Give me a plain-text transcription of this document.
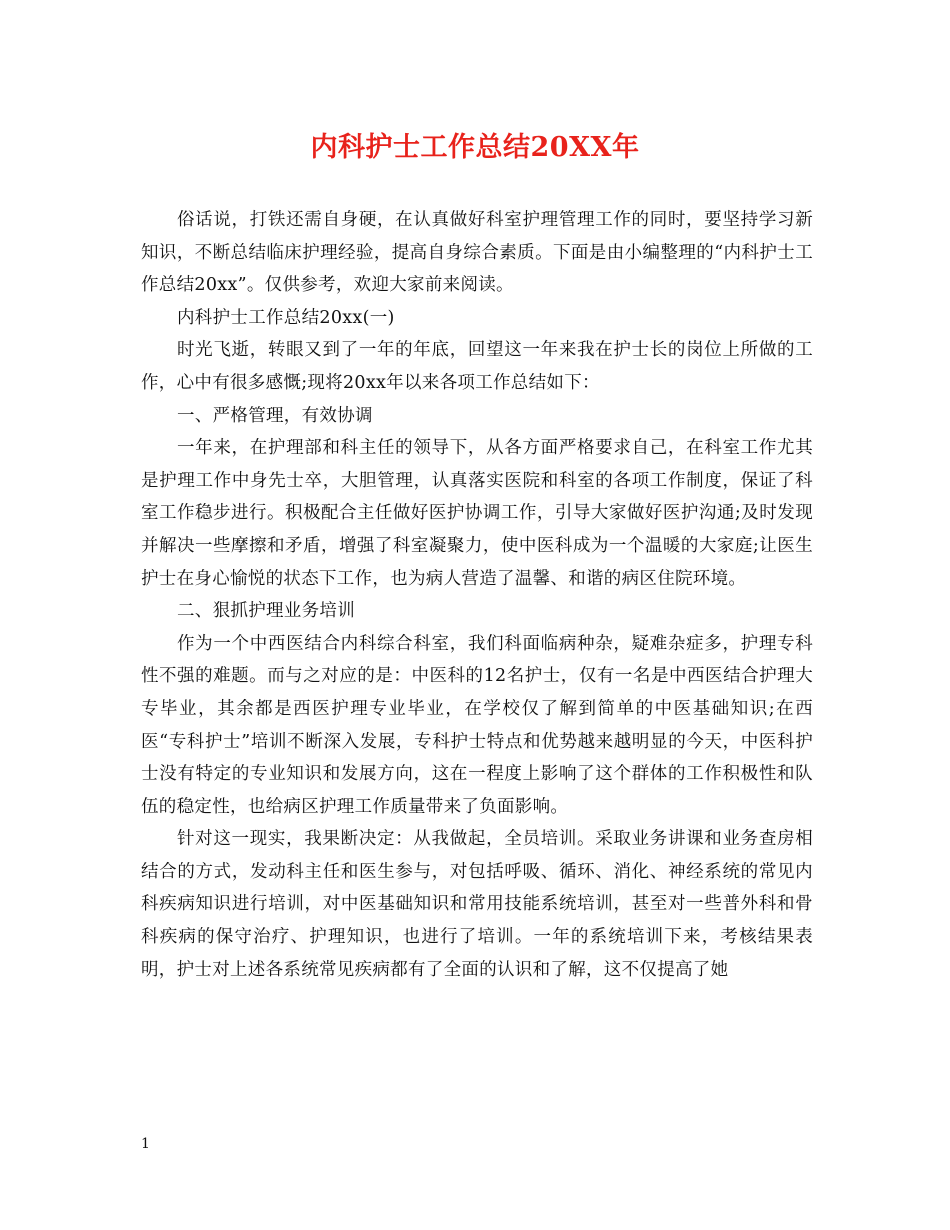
内科护士工作总结20XX年

俗话说，打铁还需自身硬，在认真做好科室护理管理工作的同时，要坚持学习新知识，不断总结临床护理经验，提高自身综合素质。下面是由小编整理的“内科护士工作总结20xx”。仅供参考，欢迎大家前来阅读。

内科护士工作总结20xx(一)

时光飞逝，转眼又到了一年的年底，回望这一年来我在护士长的岗位上所做的工作，心中有很多感慨;现将20xx年以来各项工作总结如下：

一、严格管理，有效协调

一年来，在护理部和科主任的领导下，从各方面严格要求自己，在科室工作尤其是护理工作中身先士卒，大胆管理，认真落实医院和科室的各项工作制度，保证了科室工作稳步进行。积极配合主任做好医护协调工作，引导大家做好医护沟通;及时发现并解决一些摩擦和矛盾，增强了科室凝聚力，使中医科成为一个温暖的大家庭;让医生护士在身心愉悦的状态下工作，也为病人营造了温馨、和谐的病区住院环境。

二、狠抓护理业务培训

作为一个中西医结合内科综合科室，我们科面临病种杂，疑难杂症多，护理专科性不强的难题。而与之对应的是：中医科的12名护士，仅有一名是中西医结合护理大专毕业，其余都是西医护理专业毕业，在学校仅了解到简单的中医基础知识;在西医“专科护士”培训不断深入发展，专科护士特点和优势越来越明显的今天，中医科护士没有特定的专业知识和发展方向，这在一程度上影响了这个群体的工作积极性和队伍的稳定性，也给病区护理工作质量带来了负面影响。

针对这一现实，我果断决定：从我做起，全员培训。采取业务讲课和业务查房相结合的方式，发动科主任和医生参与，对包括呼吸、循环、消化、神经系统的常见内科疾病知识进行培训，对中医基础知识和常用技能系统培训，甚至对一些普外科和骨科疾病的保守治疗、护理知识，也进行了培训。一年的系统培训下来，考核结果表明，护士对上述各系统常见疾病都有了全面的认识和了解，这不仅提高了她

1
